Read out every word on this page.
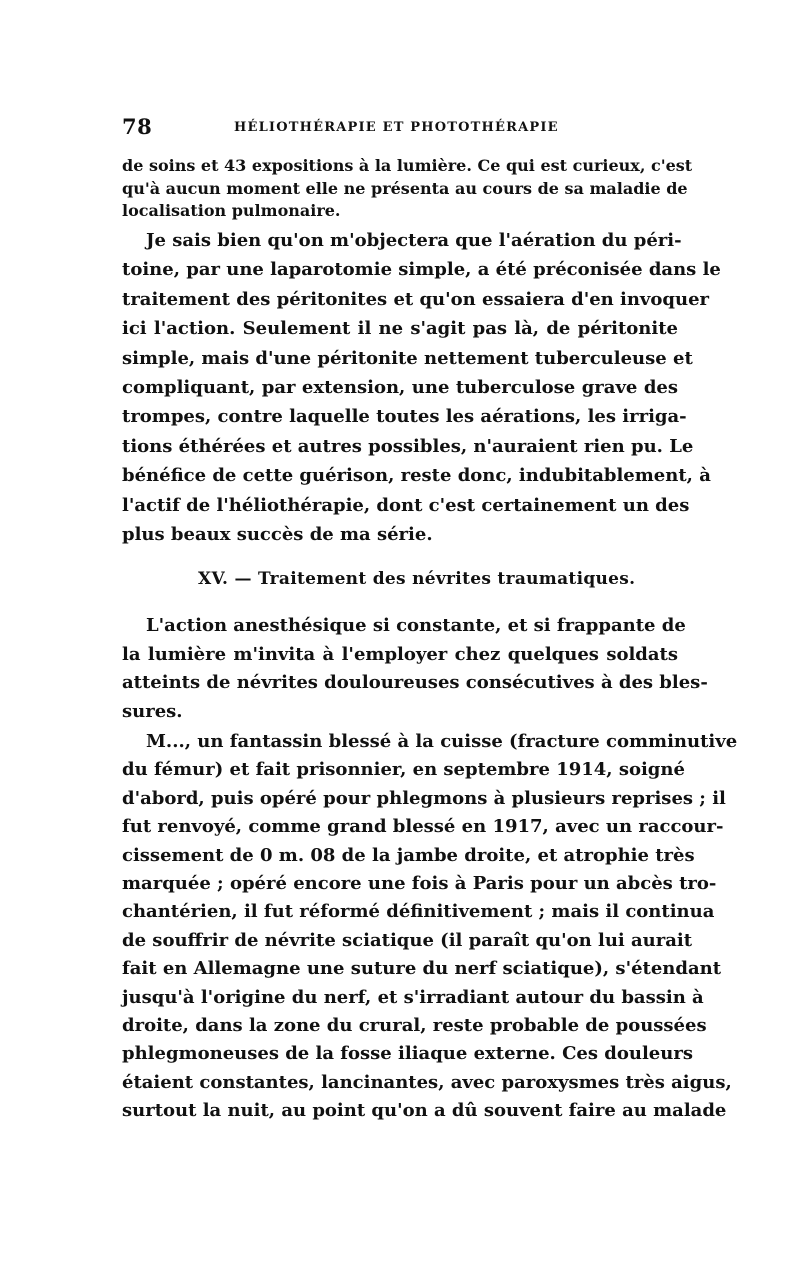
78	HÉLIOTHÉRAPIE ET PHOTOTHÉRAPIE
de soins et 43 expositions à la lumière. Ce qui est curieux, c'est
qu'à aucun moment elle ne présenta au cours de sa maladie de
localisation pulmonaire.
Je sais bien qu'on m'objectera que l'aération du péri-
toine, par une laparotomie simple, a été préconisée dans le
traitement des péritonites et qu'on essaiera d'en invoquer
ici l'action. Seulement il ne s'agit pas là, de péritonite
simple, mais d'une péritonite nettement tuberculeuse et
compliquant, par extension, une tuberculose grave des
trompes, contre laquelle toutes les aérations, les irriga-
tions éthérées et autres possibles, n'auraient rien pu. Le
bénéfice de cette guérison, reste donc, indubitablement, à
l'actif de l'héliothérapie, dont c'est certainement un des
plus beaux succès de ma série.
XV. — Traitement des névrites traumatiques.
L'action anesthésique si constante, et si frappante de
la lumière m'invita à l'employer chez quelques soldats
atteints de névrites douloureuses consécutives à des bles-
sures.
M..., un fantassin blessé à la cuisse (fracture comminutive
du fémur) et fait prisonnier, en septembre 1914, soigné
d'abord, puis opéré pour phlegmons à plusieurs reprises ; il
fut renvoyé, comme grand blessé en 1917, avec un raccour-
cissement de 0 m. 08 de la jambe droite, et atrophie très
marquée ; opéré encore une fois à Paris pour un abcès tro-
chantérien, il fut réformé définitivement ; mais il continua
de souffrir de névrite sciatique (il paraît qu'on lui aurait
fait en Allemagne une suture du nerf sciatique), s'étendant
jusqu'à l'origine du nerf, et s'irradiant autour du bassin à
droite, dans la zone du crural, reste probable de poussées
phlegmoneuses de la fosse iliaque externe. Ces douleurs
étaient constantes, lancinantes, avec paroxysmes très aigus,
surtout la nuit, au point qu'on a dû souvent faire au malade
